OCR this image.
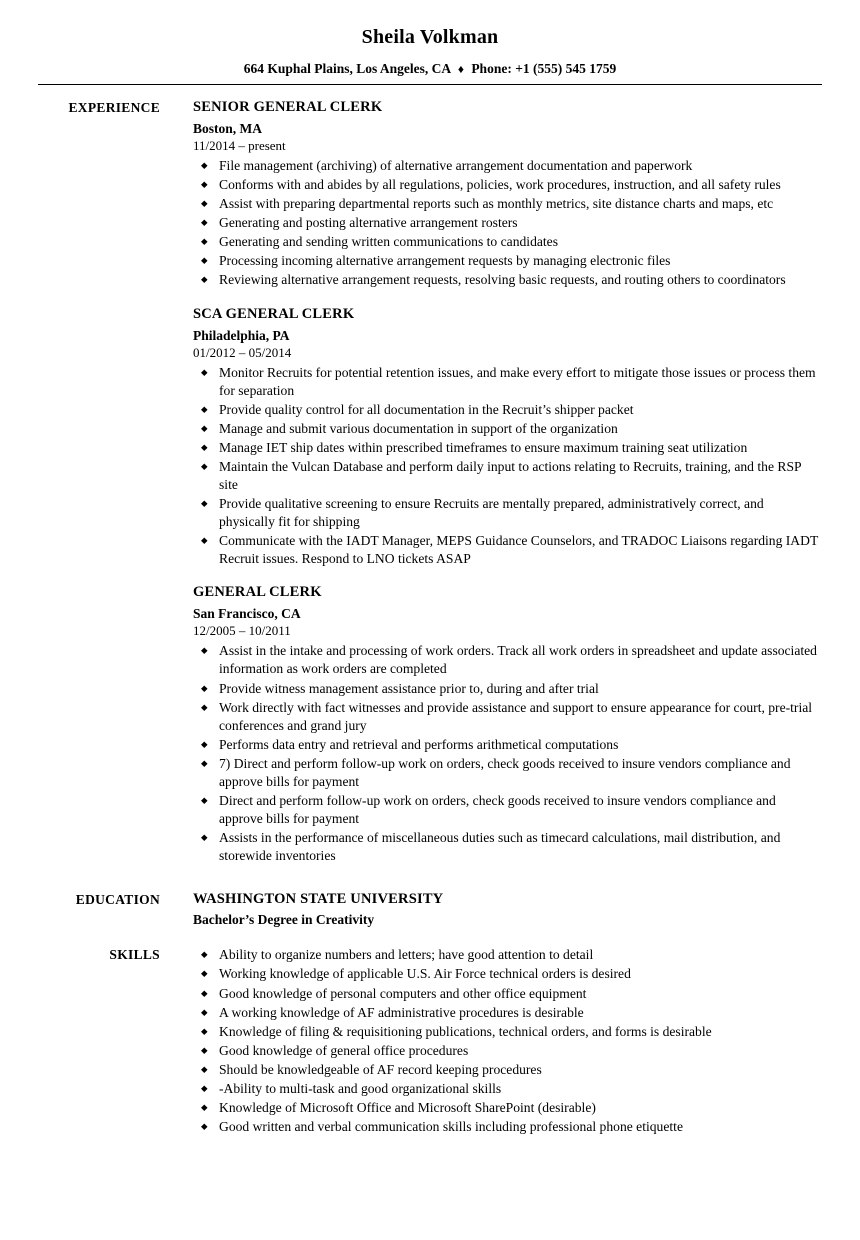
Sheila Volkman
664 Kuphal Plains, Los Angeles, CA ♦ Phone: +1 (555) 545 1759
EXPERIENCE SENIOR GENERAL CLERK
Boston, MA
11/2014 – present
◆ File management (archiving) of alternative arrangement documentation and paperwork
◆ Conforms with and abides by all regulations, policies, work procedures, instruction, and all safety rules
◆ Assist with preparing departmental reports such as monthly metrics, site distance charts and maps, etc
◆ Generating and posting alternative arrangement rosters
◆ Generating and sending written communications to candidates
◆ Processing incoming alternative arrangement requests by managing electronic files
◆ Reviewing alternative arrangement requests, resolving basic requests, and routing others to coordinators
SCA GENERAL CLERK
Philadelphia, PA
01/2012 – 05/2014
◆ Monitor Recruits for potential retention issues, and make every effort to mitigate those issues or process them for separation
◆ Provide quality control for all documentation in the Recruit’s shipper packet
◆ Manage and submit various documentation in support of the organization
◆ Manage IET ship dates within prescribed timeframes to ensure maximum training seat utilization
◆ Maintain the Vulcan Database and perform daily input to actions relating to Recruits, training, and the RSP site
◆ Provide qualitative screening to ensure Recruits are mentally prepared, administratively correct, and physically fit for shipping
◆ Communicate with the IADT Manager, MEPS Guidance Counselors, and TRADOC Liaisons regarding IADT Recruit issues. Respond to LNO tickets ASAP
GENERAL CLERK
San Francisco, CA
12/2005 – 10/2011
◆ Assist in the intake and processing of work orders. Track all work orders in spreadsheet and update associated information as work orders are completed
◆ Provide witness management assistance prior to, during and after trial
◆ Work directly with fact witnesses and provide assistance and support to ensure appearance for court, pre-trial conferences and grand jury
◆ Performs data entry and retrieval and performs arithmetical computations
◆ 7) Direct and perform follow-up work on orders, check goods received to insure vendors compliance and approve bills for payment
◆ Direct and perform follow-up work on orders, check goods received to insure vendors compliance and approve bills for payment
◆ Assists in the performance of miscellaneous duties such as timecard calculations, mail distribution, and storewide inventories
EDUCATION WASHINGTON STATE UNIVERSITY
Bachelor’s Degree in Creativity
SKILLS	◆ Ability to organize numbers and letters; have good attention to detail
◆ Working knowledge of applicable U.S. Air Force technical orders is desired
◆ Good knowledge of personal computers and other office equipment
◆ A working knowledge of AF administrative procedures is desirable
◆ Knowledge of filing & requisitioning publications, technical orders, and forms is desirable
◆ Good knowledge of general office procedures
◆ Should be knowledgeable of AF record keeping procedures
◆ -Ability to multi-task and good organizational skills
◆ Knowledge of Microsoft Office and Microsoft SharePoint (desirable)
◆ Good written and verbal communication skills including professional phone etiquette
